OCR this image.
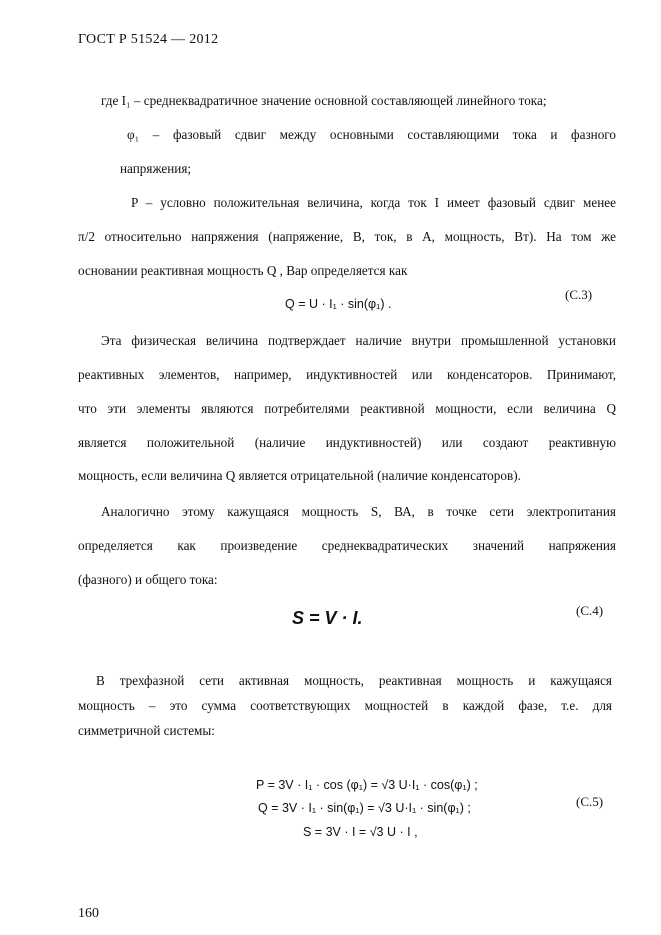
ГОСТ Р 51524 — 2012
где I₁ – среднеквадратичное значение основной составляющей линейного тока;
φ₁ – фазовый сдвиг между основными составляющими тока и фазного
напряжения;
P – условно положительная величина, когда ток I имеет фазовый сдвиг менее
π/2 относительно напряжения (напряжение, В, ток, в А, мощность, Вт). На том же
основании реактивная мощность Q , Вар определяется как
Q = U · I₁ · sin(φ₁) .
(С.3)
Эта физическая величина подтверждает наличие внутри промышленной установки
реактивных элементов, например, индуктивностей или конденсаторов. Принимают,
что эти элементы являются потребителями реактивной мощности, если величина Q
является положительной (наличие индуктивностей) или создают реактивную
мощность, если величина Q является отрицательной (наличие конденсаторов).
Аналогично этому кажущаяся мощность S, ВА, в точке сети электропитания
определяется как произведение среднеквадратических значений напряжения
(фазного) и общего тока:
S = V · I.	(С.4)
В трехфазной сети активная мощность, реактивная мощность и кажущаяся
мощность – это сумма соответствующих мощностей в каждой фазе, т.е. для
симметричной системы:
P = 3V · I₁ · cos (φ₁) = √3 U·I₁ · cos(φ₁) ;
Q = 3V · I₁ · sin(φ₁) = √3 U·I₁ · sin(φ₁) ;
S = 3V · I = √3 U · I ,
(С.5)
160
